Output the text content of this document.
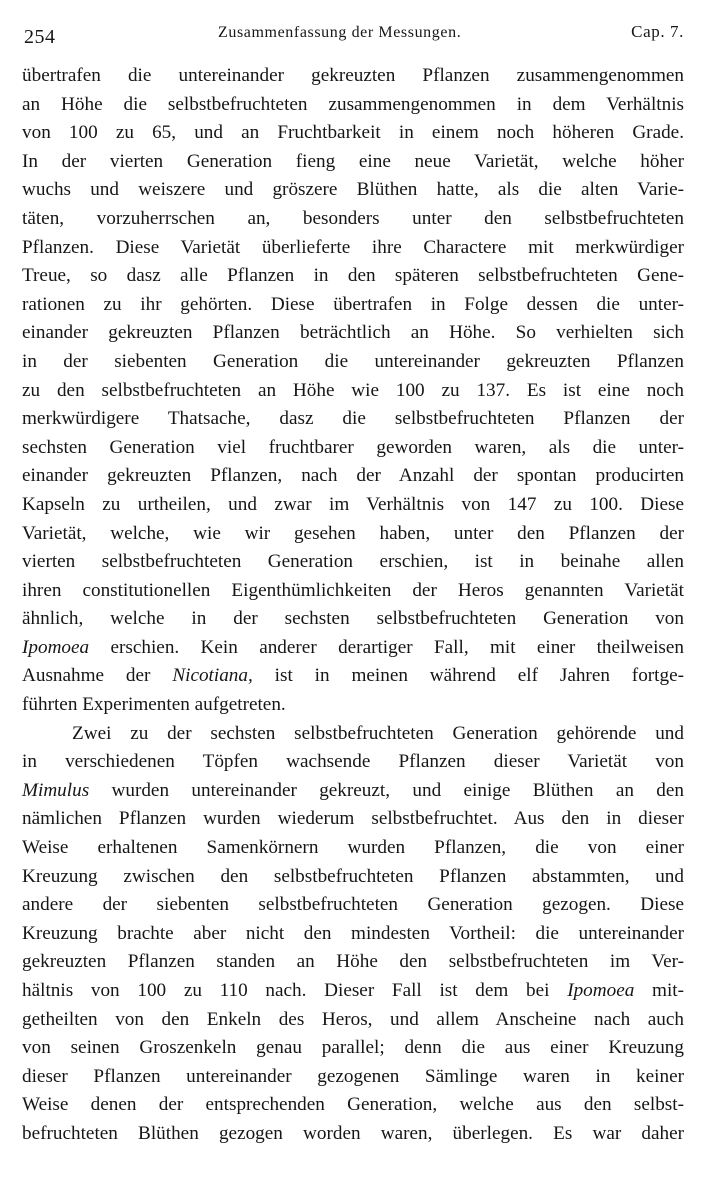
254	Zusammenfassung der Messungen.	Cap. 7.
übertrafen die untereinander gekreuzten Pflanzen zusammengenommen
an Höhe die selbstbefruchteten zusammengenommen in dem Verhältnis
von 100 zu 65, und an Fruchtbarkeit in einem noch höheren Grade.
In der vierten Generation fieng eine neue Varietät, welche höher
wuchs und weiszere und gröszere Blüthen hatte, als die alten Varie-
täten, vorzuherrschen an, besonders unter den selbstbefruchteten
Pflanzen. Diese Varietät überlieferte ihre Charactere mit merkwürdiger
Treue, so dasz alle Pflanzen in den späteren selbstbefruchteten Gene-
rationen zu ihr gehörten. Diese übertrafen in Folge dessen die unter-
einander gekreuzten Pflanzen beträchtlich an Höhe. So verhielten sich
in der siebenten Generation die untereinander gekreuzten Pflanzen
zu den selbstbefruchteten an Höhe wie 100 zu 137. Es ist eine noch
merkwürdigere Thatsache, dasz die selbstbefruchteten Pflanzen der
sechsten Generation viel fruchtbarer geworden waren, als die unter-
einander gekreuzten Pflanzen, nach der Anzahl der spontan producirten
Kapseln zu urtheilen, und zwar im Verhältnis von 147 zu 100. Diese
Varietät, welche, wie wir gesehen haben, unter den Pflanzen der
vierten selbstbefruchteten Generation erschien, ist in beinahe allen
ihren constitutionellen Eigenthümlichkeiten der Heros genannten Varietät
ähnlich, welche in der sechsten selbstbefruchteten Generation von
Ipomoea erschien. Kein anderer derartiger Fall, mit einer theilweisen
Ausnahme der Nicotiana, ist in meinen während elf Jahren fortge-
führten Experimenten aufgetreten.
Zwei zu der sechsten selbstbefruchteten Generation gehörende und
in verschiedenen Töpfen wachsende Pflanzen dieser Varietät von
Mimulus wurden untereinander gekreuzt, und einige Blüthen an den
nämlichen Pflanzen wurden wiederum selbstbefruchtet. Aus den in dieser
Weise erhaltenen Samenkörnern wurden Pflanzen, die von einer
Kreuzung zwischen den selbstbefruchteten Pflanzen abstammten, und
andere der siebenten selbstbefruchteten Generation gezogen. Diese
Kreuzung brachte aber nicht den mindesten Vortheil: die untereinander
gekreuzten Pflanzen standen an Höhe den selbstbefruchteten im Ver-
hältnis von 100 zu 110 nach. Dieser Fall ist dem bei Ipomoea mit-
getheilten von den Enkeln des Heros, und allem Anscheine nach auch
von seinen Groszenkeln genau parallel; denn die aus einer Kreuzung
dieser Pflanzen untereinander gezogenen Sämlinge waren in keiner
Weise denen der entsprechenden Generation, welche aus den selbst-
befruchteten Blüthen gezogen worden waren, überlegen. Es war daher
